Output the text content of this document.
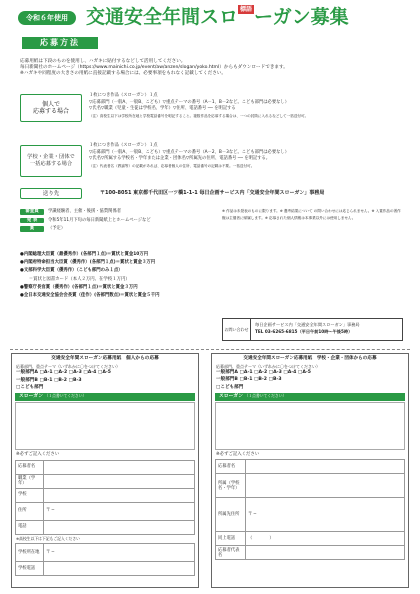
令和６年使用 交通安全年間スロ $^{標語}$ ーガン募集
応募方法
応募用紙は下段のものを使用し、ハガキに貼付するなどして活用してください。
毎日新聞社のホームページ（https://www.mainichi.co.jp/event/aw/anzen/slogan/yoko.html）からもダウンロードできます。
※ハガキや同程度の大きさの用紙に直接記載する場合には、必要事項をもれなく記載してください。
個人で
応募する場合
１枚につき作品（スローガン）１点
▽応募部門（一般A、一般B、こども）▽重点テーマの番号（A－1、B－2など。こども部門は必要なし）
▽氏名▽職業（児童・生徒は学校名、学年）▽住所、電話番号 ── を明記する
（注）高校生以下は学校所在地と学校電話番号を明記すること。複数作品を応募する場合は、一つの封筒に入れるなどして一括送付可。
学校・企業・団体で
一括応募する場合
１枚につき作品（スローガン）１点
▽応募部門（一般A、一般B、こども）▽重点テーマの番号（A－2、B－3など。こども部門は必要なし）
▽氏名▽所属する学校名・学年または企業・団体名▽所属先の住所、電話番号 ── を明記する。
（注）代表者名（教諭等）の記載があれば、応募者個人の住所、電話番号の記載は不要。一括送付可。
送り先	〒100-8051 東京都千代田区一ツ橋1-1-1 毎日企画サービス内「交通安全年間スローガン」事務局
審査員	学識経験者、主催・後援・協賛関係者
発 表	令和5年11月下旬の毎日新聞紙上とホームページなど
賞	（予定）
●内閣総理大臣賞（最優秀作）(各部門１点)＝賞状と賞金10万円
●内閣府特命担当大臣賞（優秀作）(各部門１点)＝賞状と賞金３万円
●文部科学大臣賞（優秀作）（こども部門のみ１点）
　　＝賞状と図書カード（本人２万円、在学校１万円）
●警察庁長官賞（優秀作）(各部門１点)＝賞状と賞金３万円
●全日本交通安全協会会長賞（佳作）(各部門数点)＝賞状と賞金５千円
※ 作品は未発表のものに限ります。※ 選考結果について の問い合わせには応じられません。※ 入賞作品の著作権は主催者に帰属します。※ 応募された個人情報は本事業以外には使用しません。
お問い合わせ
毎日企画サービス内「交通安全年間スローガン」事務局
TEL 03-6265-6815（平日午前10時〜午後5時）
交通安全年間スローガン応募用紙　個人からの応募
応募部門、重点テーマ（いずれかに〇をつけてください）
一般部門A □A-1 □A-2 □A-3 □A-4 □A-5
一般部門B □B-1 □B-2 □B-3
□こども部門
スローガン （１点書いてください）
※必ずご記入ください
応募者名	
職業（学年）	
学校	
住所	〒 ─
電話	
※高校生以下は下記もご記入ください
学校所在地	〒 ─
学校電話	
交通安全年間スローガン応募用紙　学校・企業・団体からの応募
応募部門、重点テーマ（いずれかに〇をつけてください）
一般部門A □A-1 □A-2 □A-3 □A-4 □A-5
一般部門B □B-1 □B-2 □B-3
□こども部門
スローガン （１点書いてください）
※必ずご記入ください
応募者名	
所属（学校名・学年）	
所属先住所	〒 ─
同上電話	（　　　　）
応募者代表名	
